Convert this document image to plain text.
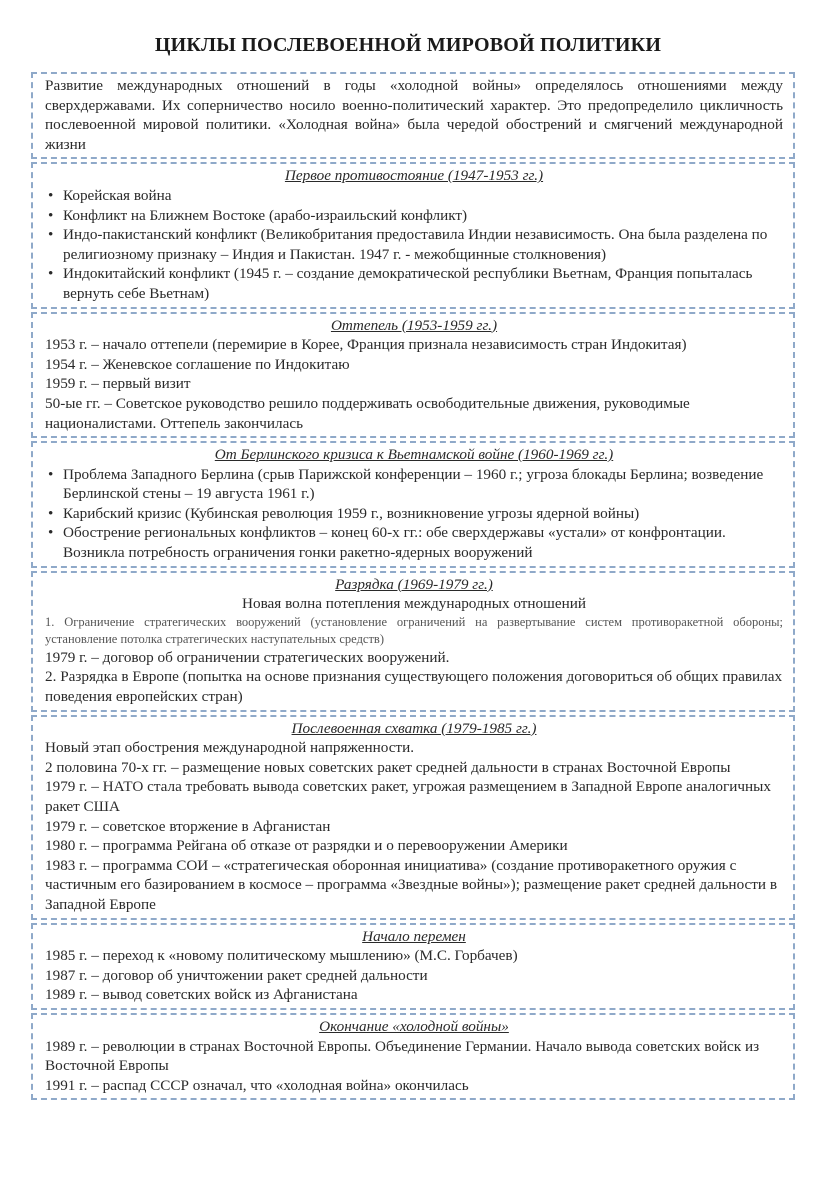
ЦИКЛЫ ПОСЛЕВОЕННОЙ МИРОВОЙ ПОЛИТИКИ

Развитие международных отношений в годы «холодной войны» определялось отношениями между сверхдержавами. Их соперничество носило военно-политический характер. Это предопределило цикличность послевоенной мировой политики. «Холодная война» была чередой обострений и смягчений международной жизни

Первое противостояние (1947-1953 гг.)

• Корейская война
• Конфликт на Ближнем Востоке (арабо-израильский конфликт)
• Индо-пакистанский конфликт (Великобритания предоставила Индии независимость. Она была разделена по религиозному признаку – Индия и Пакистан. 1947 г. - межобщинные столкновения)
• Индокитайский конфликт (1945 г. – создание демократической республики Вьетнам, Франция попыталась вернуть себе Вьетнам)

Оттепель (1953-1959 гг.)

1953 г. – начало оттепели (перемирие в Корее, Франция признала независимость стран Индокитая)

1954 г. – Женевское соглашение по Индокитаю

1959 г. – первый визит

50-ые гг. – Советское руководство решило поддерживать освободительные движения, руководимые националистами. Оттепель закончилась

От Берлинского кризиса к Вьетнамской войне (1960-1969 гг.)

• Проблема Западного Берлина (срыв Парижской конференции – 1960 г.; угроза блокады Берлина; возведение Берлинской стены – 19 августа 1961 г.)
• Карибский кризис (Кубинская революция 1959 г., возникновение угрозы ядерной войны)
• Обострение региональных конфликтов – конец 60-х гг.: обе сверхдержавы «устали» от конфронтации. Возникла потребность ограничения гонки ракетно-ядерных вооружений

Разрядка (1969-1979 гг.)

Новая волна потепления международных отношений

1. Ограничение стратегических вооружений (установление ограничений на развертывание систем противоракетной обороны; установление потолка стратегических наступательных средств)

1979 г. – договор об ограничении стратегических вооружений.

2. Разрядка в Европе (попытка на основе признания существующего положения договориться об общих правилах поведения европейских стран)

Послевоенная схватка (1979-1985 гг.)

Новый этап обострения международной напряженности.

2 половина 70-х гг. – размещение новых советских ракет средней дальности в странах Восточной Европы

1979 г. – НАТО стала требовать вывода советских ракет, угрожая размещением в Западной Европе аналогичных ракет США

1979 г. – советское вторжение в Афганистан

1980 г. – программа Рейгана об отказе от разрядки и о перевооружении Америки

1983 г. – программа СОИ – «стратегическая оборонная инициатива» (создание противоракетного оружия с частичным его базированием в космосе – программа «Звездные войны»); размещение ракет средней дальности в Западной Европе

Начало перемен

1985 г. – переход к «новому политическому мышлению» (М.С. Горбачев)

1987 г. – договор об уничтожении ракет средней дальности

1989 г. – вывод советских войск из Афганистана

Окончание «холодной войны»

1989 г. – революции в странах Восточной Европы. Объединение Германии. Начало вывода советских войск из Восточной Европы

1991 г. – распад СССР означал, что «холодная война» окончилась
